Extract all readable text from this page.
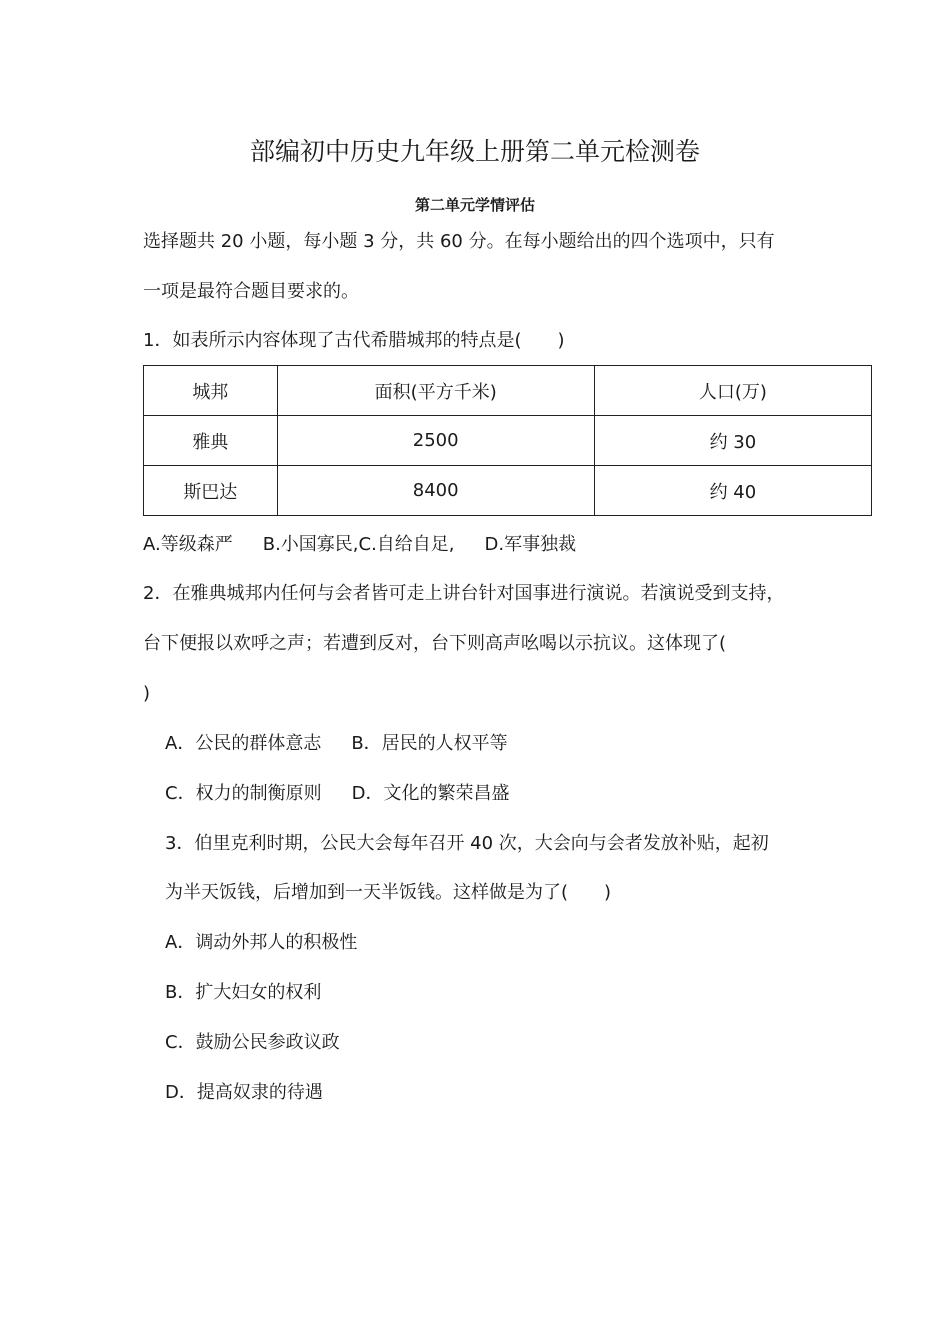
部编初中历史九年级上册第二单元检测卷
第二单元学情评估
选择题共 20 小题，每小题 3 分，共 60 分。在每小题给出的四个选项中，只有
一项是最符合题目要求的。
1．如表所示内容体现了古代希腊城邦的特点是(　　)
城邦	面积(平方千米)	人口(万)
雅典	2500	约 30
斯巴达	8400	约 40
A.等级森严 B.小国寡民,C.自给自足, D.军事独裁
2．在雅典城邦内任何与会者皆可走上讲台针对国事进行演说。若演说受到支持，
台下便报以欢呼之声；若遭到反对，台下则高声吆喝以示抗议。这体现了(
)
A．公民的群体意志 B．居民的人权平等
C．权力的制衡原则 D．文化的繁荣昌盛
3．伯里克利时期，公民大会每年召开 40 次，大会向与会者发放补贴，起初
为半天饭钱，后增加到一天半饭钱。这样做是为了(　　)
A．调动外邦人的积极性
B．扩大妇女的权利
C．鼓励公民参政议政
D．提高奴隶的待遇
